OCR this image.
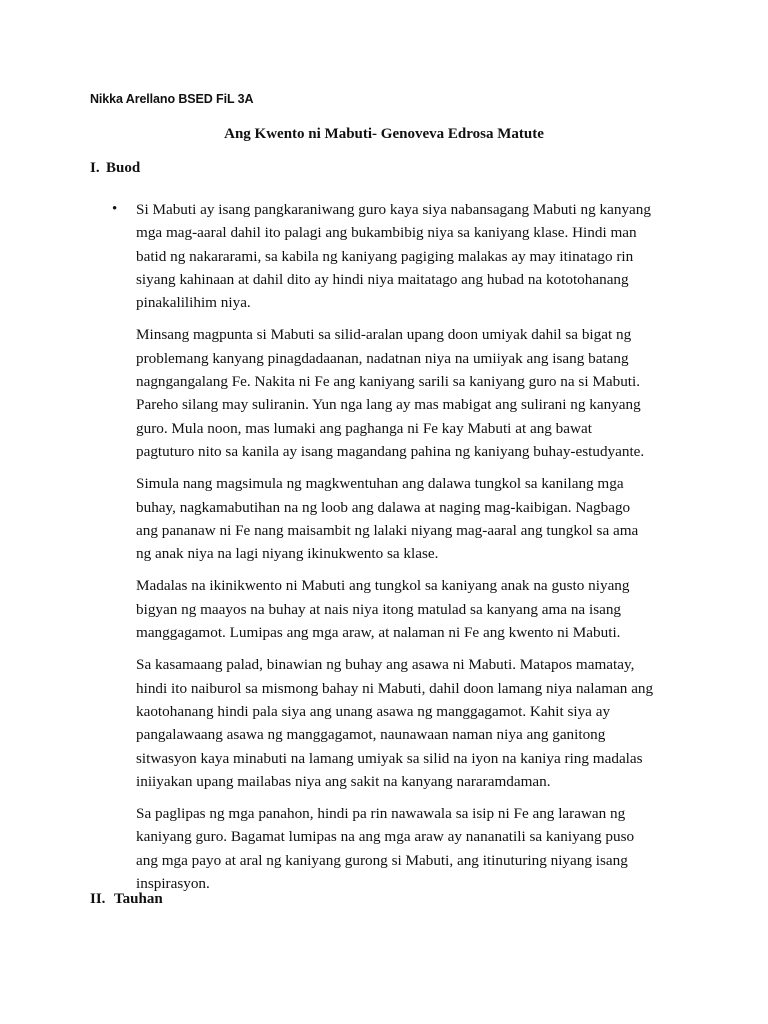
Nikka Arellano BSED FiL 3A
Ang Kwento ni Mabuti- Genoveva Edrosa Matute
I. Buod
• Si Mabuti ay isang pangkaraniwang guro kaya siya nabansagang Mabuti ng kanyang
mga mag-aaral dahil ito palagi ang bukambibig niya sa kaniyang klase. Hindi man
batid ng nakararami, sa kabila ng kaniyang pagiging malakas ay may itinatago rin
siyang kahinaan at dahil dito ay hindi niya maitatago ang hubad na kototohanang
pinakalilihim niya.
Minsang magpunta si Mabuti sa silid-aralan upang doon umiyak dahil sa bigat ng
problemang kanyang pinagdadaanan, nadatnan niya na umiiyak ang isang batang
nagngangalang Fe. Nakita ni Fe ang kaniyang sarili sa kaniyang guro na si Mabuti.
Pareho silang may suliranin. Yun nga lang ay mas mabigat ang sulirani ng kanyang
guro. Mula noon, mas lumaki ang paghanga ni Fe kay Mabuti at ang bawat
pagtuturo nito sa kanila ay isang magandang pahina ng kaniyang buhay-estudyante.
Simula nang magsimula ng magkwentuhan ang dalawa tungkol sa kanilang mga
buhay, nagkamabutihan na ng loob ang dalawa at naging mag-kaibigan. Nagbago
ang pananaw ni Fe nang maisambit ng lalaki niyang mag-aaral ang tungkol sa ama
ng anak niya na lagi niyang ikinukwento sa klase.
Madalas na ikinikwento ni Mabuti ang tungkol sa kaniyang anak na gusto niyang
bigyan ng maayos na buhay at nais niya itong matulad sa kanyang ama na isang
manggagamot. Lumipas ang mga araw, at nalaman ni Fe ang kwento ni Mabuti.
Sa kasamaang palad, binawian ng buhay ang asawa ni Mabuti. Matapos mamatay,
hindi ito naiburol sa mismong bahay ni Mabuti, dahil doon lamang niya nalaman ang
kaotohanang hindi pala siya ang unang asawa ng manggagamot. Kahit siya ay
pangalawaang asawa ng manggagamot, naunawaan naman niya ang ganitong
sitwasyon kaya minabuti na lamang umiyak sa silid na iyon na kaniya ring madalas
iniiyakan upang mailabas niya ang sakit na kanyang nararamdaman.
Sa paglipas ng mga panahon, hindi pa rin nawawala sa isip ni Fe ang larawan ng
kaniyang guro. Bagamat lumipas na ang mga araw ay nananatili sa kaniyang puso
ang mga payo at aral ng kaniyang gurong si Mabuti, ang itinuturing niyang isang
inspirasyon.
II. Tauhan
